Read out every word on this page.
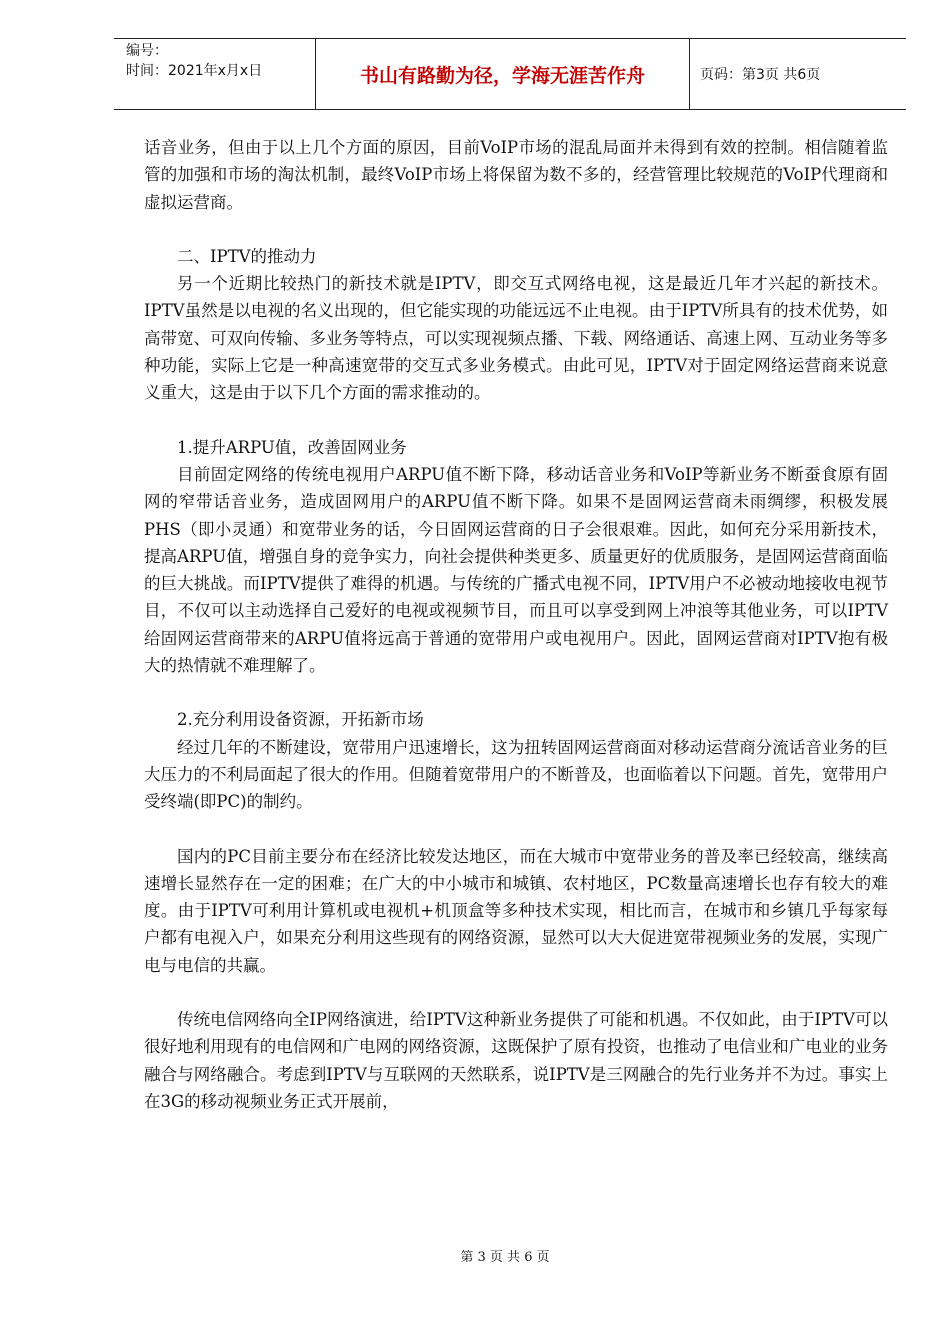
编号：
时间：2021年x月x日	书山有路勤为径，学海无涯苦作舟	页码：第3页 共6页

话音业务，但由于以上几个方面的原因，目前VoIP市场的混乱局面并未得到有效的控制。相信随着监管的加强和市场的淘汰机制，最终VoIP市场上将保留为数不多的，经营管理比较规范的VoIP代理商和虚拟运营商。

二、IPTV的推动力

另一个近期比较热门的新技术就是IPTV，即交互式网络电视，这是最近几年才兴起的新技术。IPTV虽然是以电视的名义出现的，但它能实现的功能远远不止电视。由于IPTV所具有的技术优势，如高带宽、可双向传输、多业务等特点，可以实现视频点播、下载、网络通话、高速上网、互动业务等多种功能，实际上它是一种高速宽带的交互式多业务模式。由此可见，IPTV对于固定网络运营商来说意义重大，这是由于以下几个方面的需求推动的。

1.提升ARPU值，改善固网业务

目前固定网络的传统电视用户ARPU值不断下降，移动话音业务和VoIP等新业务不断蚕食原有固网的窄带话音业务，造成固网用户的ARPU值不断下降。如果不是固网运营商未雨绸缪，积极发展PHS（即小灵通）和宽带业务的话，今日固网运营商的日子会很艰难。因此，如何充分采用新技术，提高ARPU值，增强自身的竞争实力，向社会提供种类更多、质量更好的优质服务，是固网运营商面临的巨大挑战。而IPTV提供了难得的机遇。与传统的广播式电视不同，IPTV用户不必被动地接收电视节目，不仅可以主动选择自己爱好的电视或视频节目，而且可以享受到网上冲浪等其他业务，可以IPTV给固网运营商带来的ARPU值将远高于普通的宽带用户或电视用户。因此，固网运营商对IPTV抱有极大的热情就不难理解了。

2.充分利用设备资源，开拓新市场

经过几年的不断建设，宽带用户迅速增长，这为扭转固网运营商面对移动运营商分流话音业务的巨大压力的不利局面起了很大的作用。但随着宽带用户的不断普及，也面临着以下问题。首先，宽带用户受终端(即PC)的制约。

国内的PC目前主要分布在经济比较发达地区，而在大城市中宽带业务的普及率已经较高，继续高速增长显然存在一定的困难；在广大的中小城市和城镇、农村地区，PC数量高速增长也存有较大的难度。由于IPTV可利用计算机或电视机+机顶盒等多种技术实现，相比而言，在城市和乡镇几乎每家每户都有电视入户，如果充分利用这些现有的网络资源，显然可以大大促进宽带视频业务的发展，实现广电与电信的共赢。

传统电信网络向全IP网络演进，给IPTV这种新业务提供了可能和机遇。不仅如此，由于IPTV可以很好地利用现有的电信网和广电网的网络资源，这既保护了原有投资，也推动了电信业和广电业的业务融合与网络融合。考虑到IPTV与互联网的天然联系，说IPTV是三网融合的先行业务并不为过。事实上在3G的移动视频业务正式开展前，

第 3 页 共 6 页
